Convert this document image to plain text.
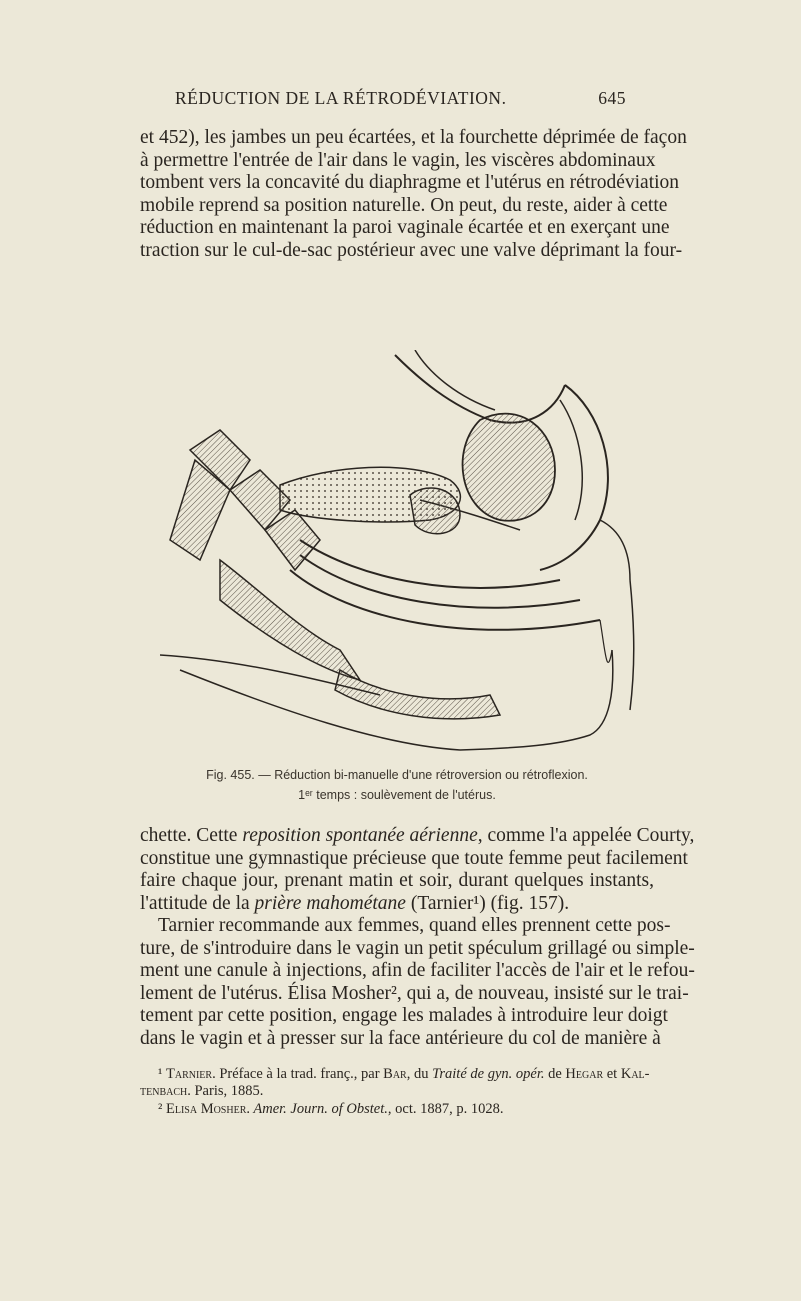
RÉDUCTION DE LA RÉTRODÉVIATION.	645
et 452), les jambes un peu écartées, et la fourchette déprimée de façon
à permettre l'entrée de l'air dans le vagin, les viscères abdominaux
tombent vers la concavité du diaphragme et l'utérus en rétrodéviation
mobile reprend sa position naturelle. On peut, du reste, aider à cette
réduction en maintenant la paroi vaginale écartée et en exerçant une
traction sur le cul-de-sac postérieur avec une valve déprimant la four-
Fig. 455. — Réduction bi-manuelle d'une rétroversion ou rétroflexion.
1ᵉʳ temps : soulèvement de l'utérus.
chette. Cette reposition spontanée aérienne, comme l'a appelée Courty,
constitue une gymnastique précieuse que toute femme peut facilement
faire chaque jour, prenant matin et soir, durant quelques instants,
l'attitude de la prière mahométane (Tarnier¹) (fig. 157).
Tarnier recommande aux femmes, quand elles prennent cette pos-
ture, de s'introduire dans le vagin un petit spéculum grillagé ou simple-
ment une canule à injections, afin de faciliter l'accès de l'air et le refou-
lement de l'utérus. Élisa Mosher², qui a, de nouveau, insisté sur le trai-
tement par cette position, engage les malades à introduire leur doigt
dans le vagin et à presser sur la face antérieure du col de manière à
¹ Tarnier. Préface à la trad. franç., par Bar, du Traité de gyn. opér. de Hegar et Kal-
tenbach. Paris, 1885.
² Elisa Mosher. Amer. Journ. of Obstet., oct. 1887, p. 1028.
